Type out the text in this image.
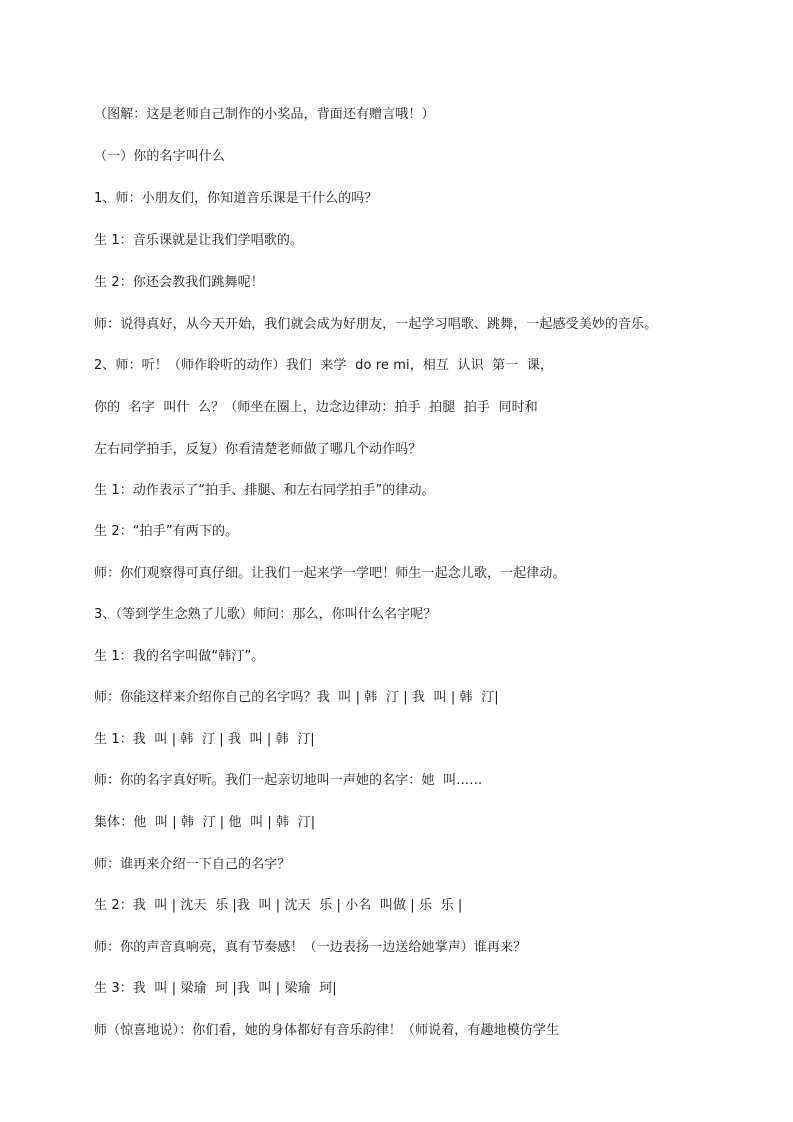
（图解：这是老师自己制作的小奖品，背面还有赠言哦！）
（一）你的名字叫什么
1、师：小朋友们，你知道音乐课是干什么的吗？
生 1：音乐课就是让我们学唱歌的。
生 2：你还会教我们跳舞呢！
师：说得真好，从今天开始，我们就会成为好朋友，一起学习唱歌、跳舞，一起感受美妙的音乐。
2、师：听！（师作聆听的动作）我们  来学  do re mi，相互  认识  第一  课，
你的  名字  叫什  么？（师坐在圈上，边念边律动：拍手  拍腿  拍手  同时和
左右同学拍手，反复）你看清楚老师做了哪几个动作吗？
生 1：动作表示了“拍手、排腿、和左右同学拍手”的律动。
生 2：“拍手”有两下的。
师：你们观察得可真仔细。让我们一起来学一学吧！师生一起念儿歌，一起律动。
3、（等到学生念熟了儿歌）师问：那么，你叫什么名字呢？
生 1：我的名字叫做“韩汀”。
师：你能这样来介绍你自己的名字吗？我  叫 | 韩  汀 | 我  叫 | 韩  汀|
生 1：我  叫 | 韩  汀 | 我  叫 | 韩  汀|
师：你的名字真好听。我们一起亲切地叫一声她的名字：她  叫……
集体：他  叫 | 韩  汀 | 他  叫 | 韩  汀|
师：谁再来介绍一下自己的名字？
生 2：我  叫 | 沈天  乐 |我  叫 | 沈天  乐 | 小名  叫做 | 乐  乐 |
师：你的声音真响亮，真有节奏感！（一边表扬一边送给她掌声）谁再来？
生 3：我  叫 | 梁瑜  珂 |我  叫 | 梁瑜  珂|
师（惊喜地说）：你们看，她的身体都好有音乐韵律！（师说着，有趣地模仿学生
